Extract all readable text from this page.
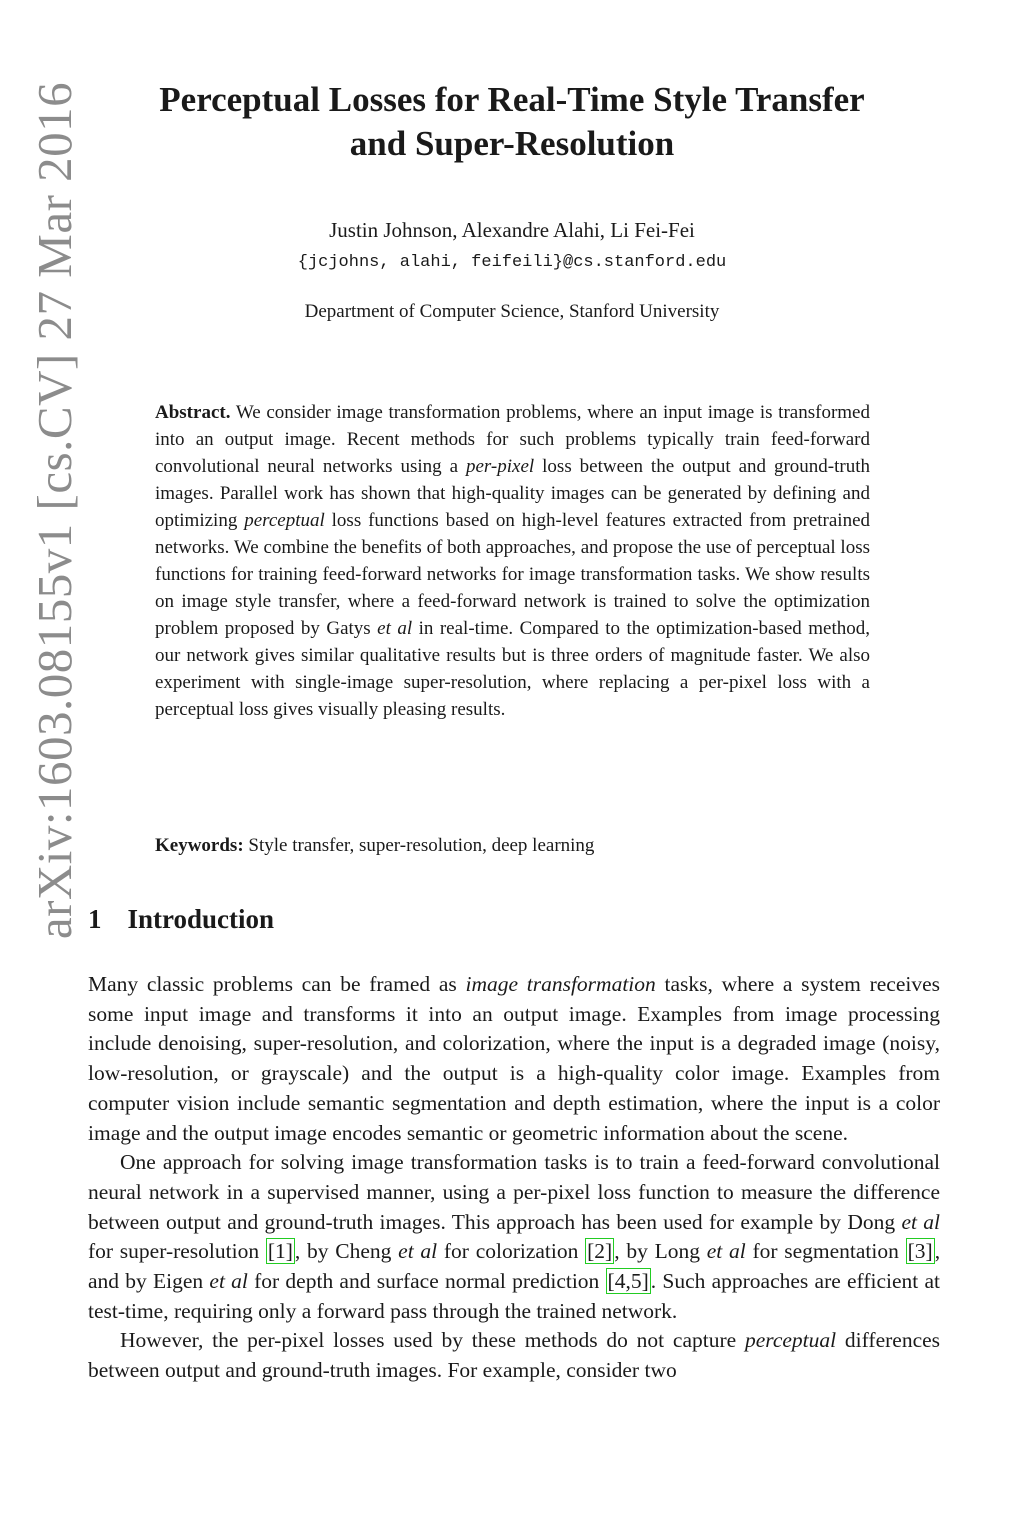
arXiv:1603.08155v1 [cs.CV] 27 Mar 2016	Perceptual Losses for Real-Time Style Transfer
and Super-Resolution
Justin Johnson, Alexandre Alahi, Li Fei-Fei
{jcjohns, alahi, feifeili}@cs.stanford.edu
Department of Computer Science, Stanford University

Abstract. We consider image transformation problems, where an input image is transformed into an output image. Recent methods for such problems typically train feed-forward convolutional neural networks using a per-pixel loss between the output and ground-truth images. Parallel work has shown that high-quality images can be generated by defining and optimizing perceptual loss functions based on high-level features extracted from pretrained networks. We combine the benefits of both approaches, and propose the use of perceptual loss functions for training feed-forward networks for image transformation tasks. We show results on image style transfer, where a feed-forward network is trained to solve the optimization problem proposed by Gatys et al in real-time. Compared to the optimization-based method, our network gives similar qualitative results but is three orders of magnitude faster. We also experiment with single-image super-resolution, where replacing a per-pixel loss with a perceptual loss gives visually pleasing results.

Keywords: Style transfer, super-resolution, deep learning

1 Introduction

Many classic problems can be framed as image transformation tasks, where a system receives some input image and transforms it into an output image. Examples from image processing include denoising, super-resolution, and colorization, where the input is a degraded image (noisy, low-resolution, or grayscale) and the output is a high-quality color image. Examples from computer vision include semantic segmentation and depth estimation, where the input is a color image and the output image encodes semantic or geometric information about the scene.

One approach for solving image transformation tasks is to train a feed-forward convolutional neural network in a supervised manner, using a per-pixel loss function to measure the difference between output and ground-truth images. This approach has been used for example by Dong et al for super-resolution [1], by Cheng et al for colorization [2], by Long et al for segmentation [3], and by Eigen et al for depth and surface normal prediction [4,5]. Such approaches are efficient at test-time, requiring only a forward pass through the trained network.

However, the per-pixel losses used by these methods do not capture perceptual differences between output and ground-truth images. For example, consider two
